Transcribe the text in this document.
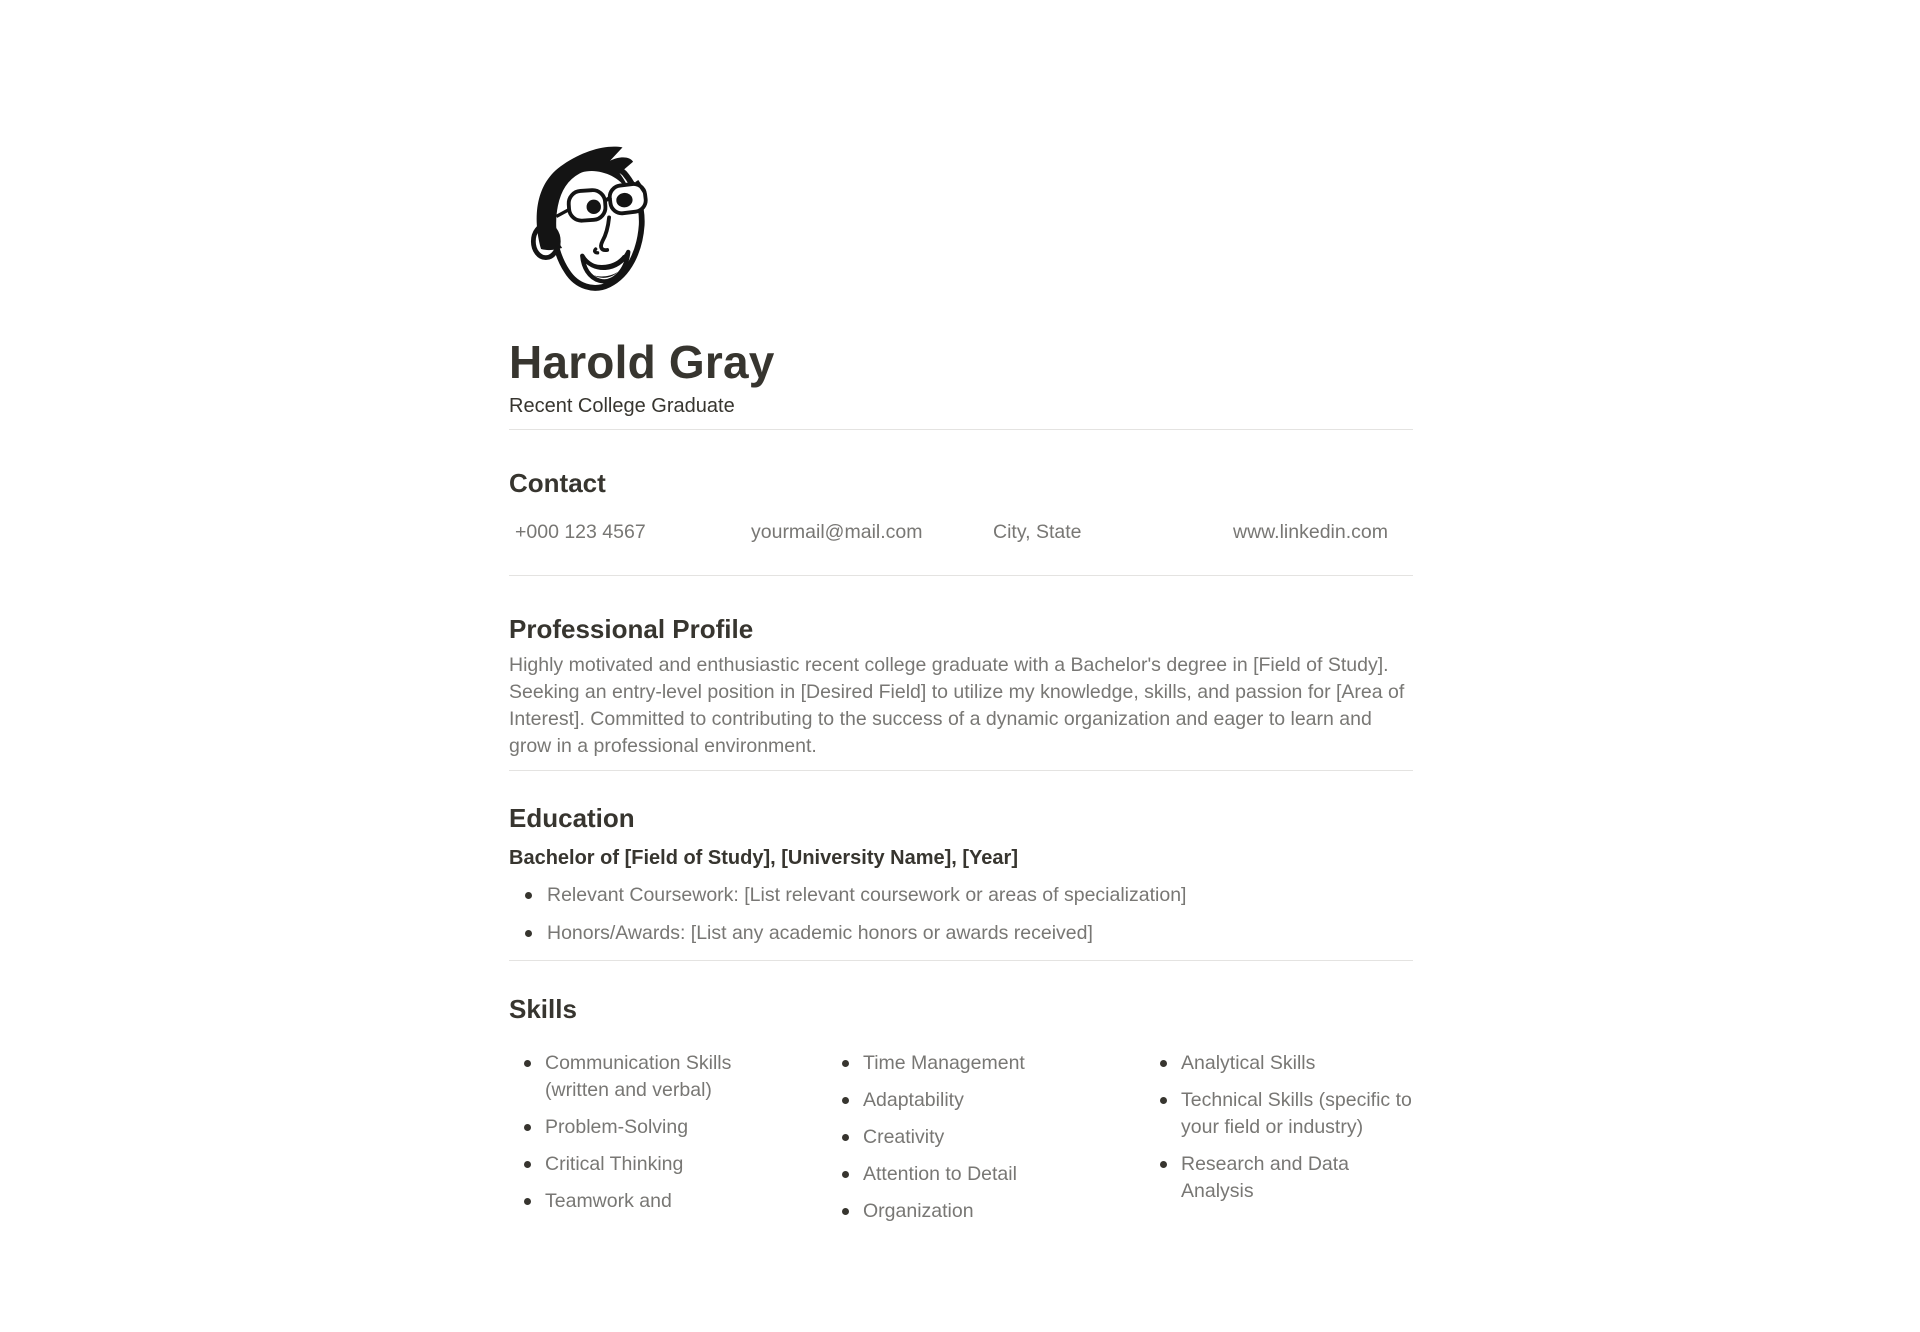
Harold Gray
Recent College Graduate
Contact
+000 123 4567	yourmail@mail.com	City, State	www.linkedin.com
Professional Profile

Highly motivated and enthusiastic recent college graduate with a Bachelor's degree in [Field of Study]. Seeking an entry-level position in [Desired Field] to utilize my knowledge, skills, and passion for [Area of Interest]. Committed to contributing to the success of a dynamic organization and eager to learn and grow in a professional environment.

Education
Bachelor of [Field of Study], [University Name], [Year]
Relevant Coursework: [List relevant coursework or areas of specialization]
Honors/Awards: [List any academic honors or awards received]
Skills
Communication Skills (written and verbal)
Problem-Solving
Critical Thinking
Teamwork and
Time Management
Adaptability
Creativity
Attention to Detail
Organization
Analytical Skills
Technical Skills (specific to your field or industry)
Research and Data Analysis
